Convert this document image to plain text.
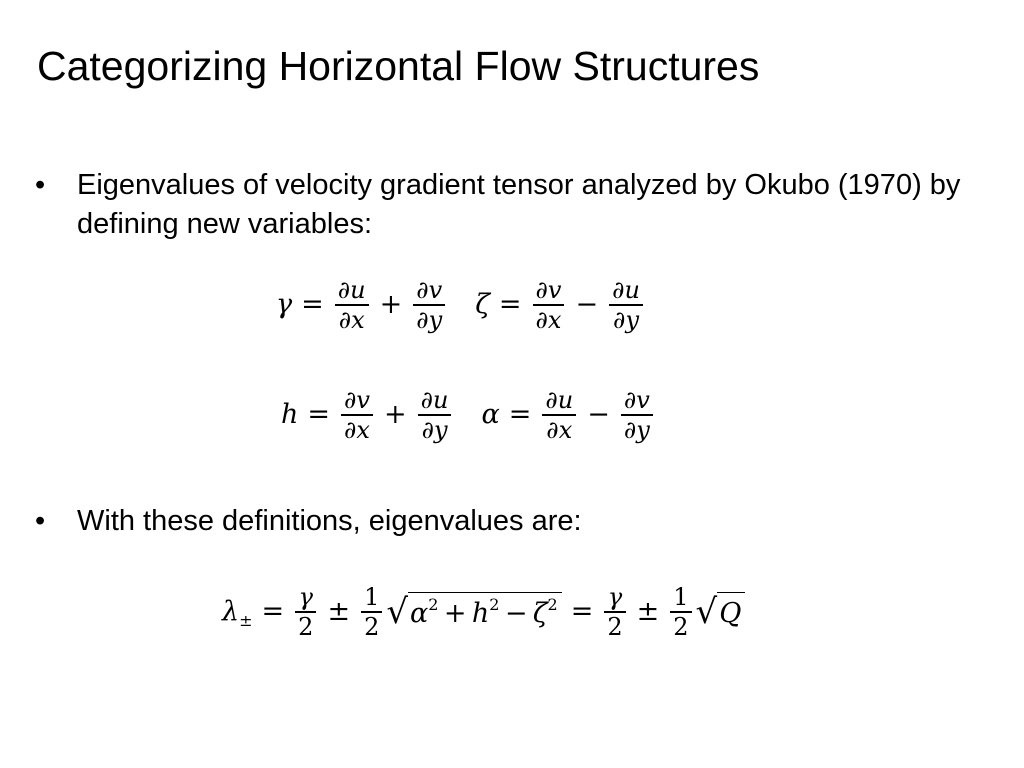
Categorizing Horizontal Flow Structures
• Eigenvalues of velocity gradient tensor analyzed by Okubo (1970) by defining new variables:
$\gamma = \frac{\partial u}{\partial x} + \frac{\partial v}{\partial y}$ $\zeta = \frac{\partial v}{\partial x} - \frac{\partial u}{\partial y}$
$h = \frac{\partial v}{\partial x} + \frac{\partial u}{\partial y}$ $\alpha = \frac{\partial u}{\partial x} - \frac{\partial v}{\partial y}$
• With these definitions, eigenvalues are:
$\lambda_\pm = \frac{\gamma}{2} \pm \frac{1}{2}$ √ $\alpha^2 + h^2 - \zeta^2 = \frac{\gamma}{2} \pm \frac{1}{2}$ √ Q
